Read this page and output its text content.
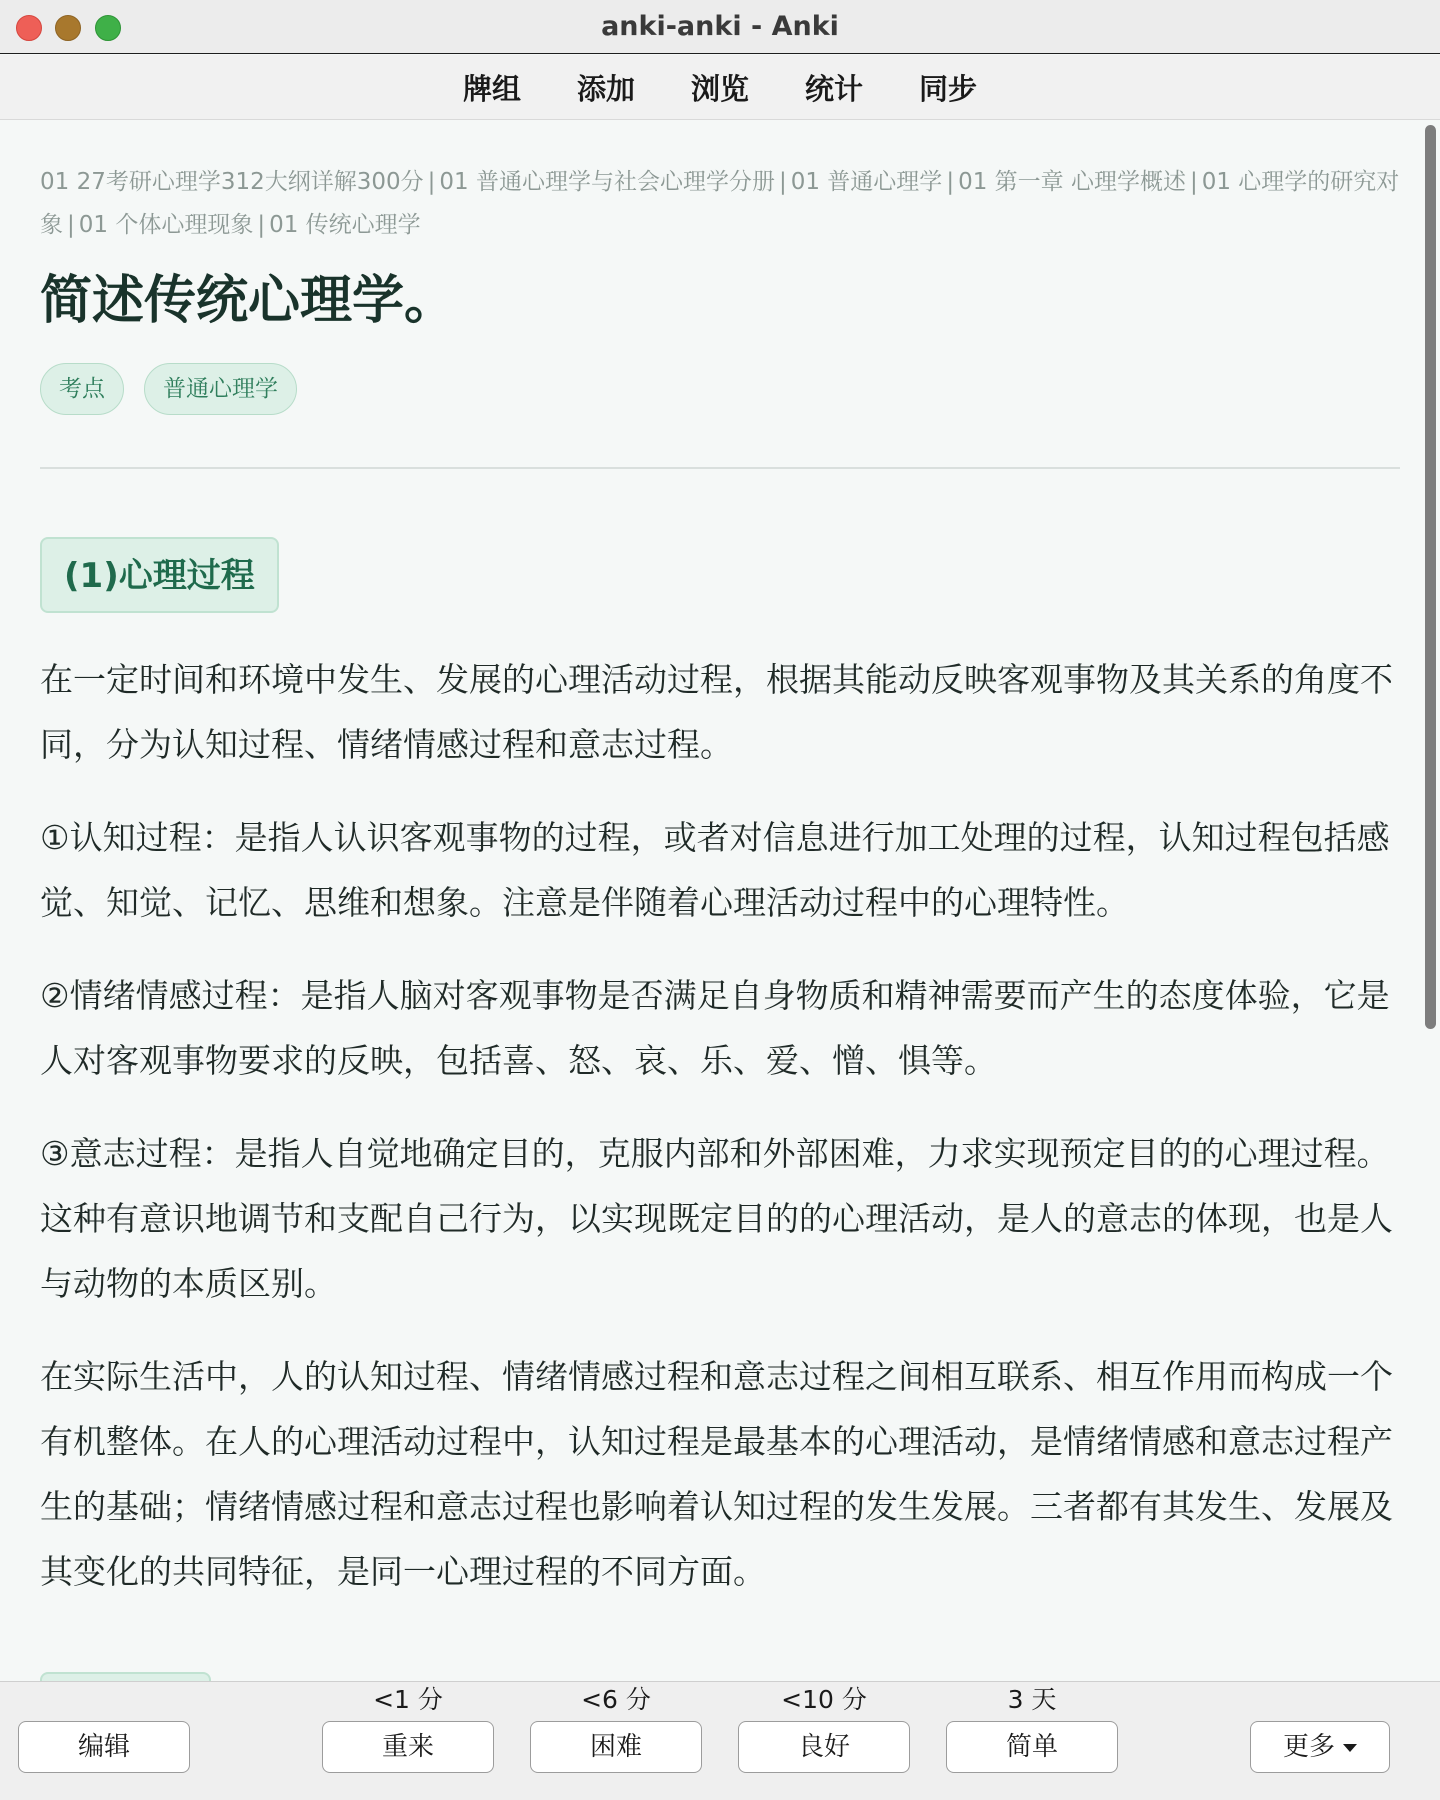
anki-anki - Anki
牌组 添加 浏览 统计 同步
01 27考研心理学312大纲详解300分 | 01 普通心理学与社会心理学分册 | 01 普通心理学 | 01 第一章 心理学概述 | 01 心理学的研究对象 | 01 个体心理现象 | 01 传统心理学
简述传统心理学。
考点	普通心理学
(1)心理过程

在一定时间和环境中发生、发展的心理活动过程，根据其能动反映客观事物及其关系的角度不同，分为认知过程、情绪情感过程和意志过程。

①认知过程：是指人认识客观事物的过程，或者对信息进行加工处理的过程，认知过程包括感觉、知觉、记忆、思维和想象。注意是伴随着心理活动过程中的心理特性。

②情绪情感过程：是指人脑对客观事物是否满足自身物质和精神需要而产生的态度体验，它是人对客观事物要求的反映，包括喜、怒、哀、乐、爱、憎、惧等。

③意志过程：是指人自觉地确定目的，克服内部和外部困难，力求实现预定目的的心理过程。这种有意识地调节和支配自己行为，以实现既定目的的心理活动，是人的意志的体现，也是人与动物的本质区别。

在实际生活中，人的认知过程、情绪情感过程和意志过程之间相互联系、相互作用而构成一个有机整体。在人的心理活动过程中，认知过程是最基本的心理活动，是情绪情感和意志过程产生的基础；情绪情感过程和意志过程也影响着认知过程的发生发展。三者都有其发生、发展及其变化的共同特征，是同一心理过程的不同方面。

编辑
<1 分
重来
<6 分
困难
<10 分
良好
3 天
简单	更多
